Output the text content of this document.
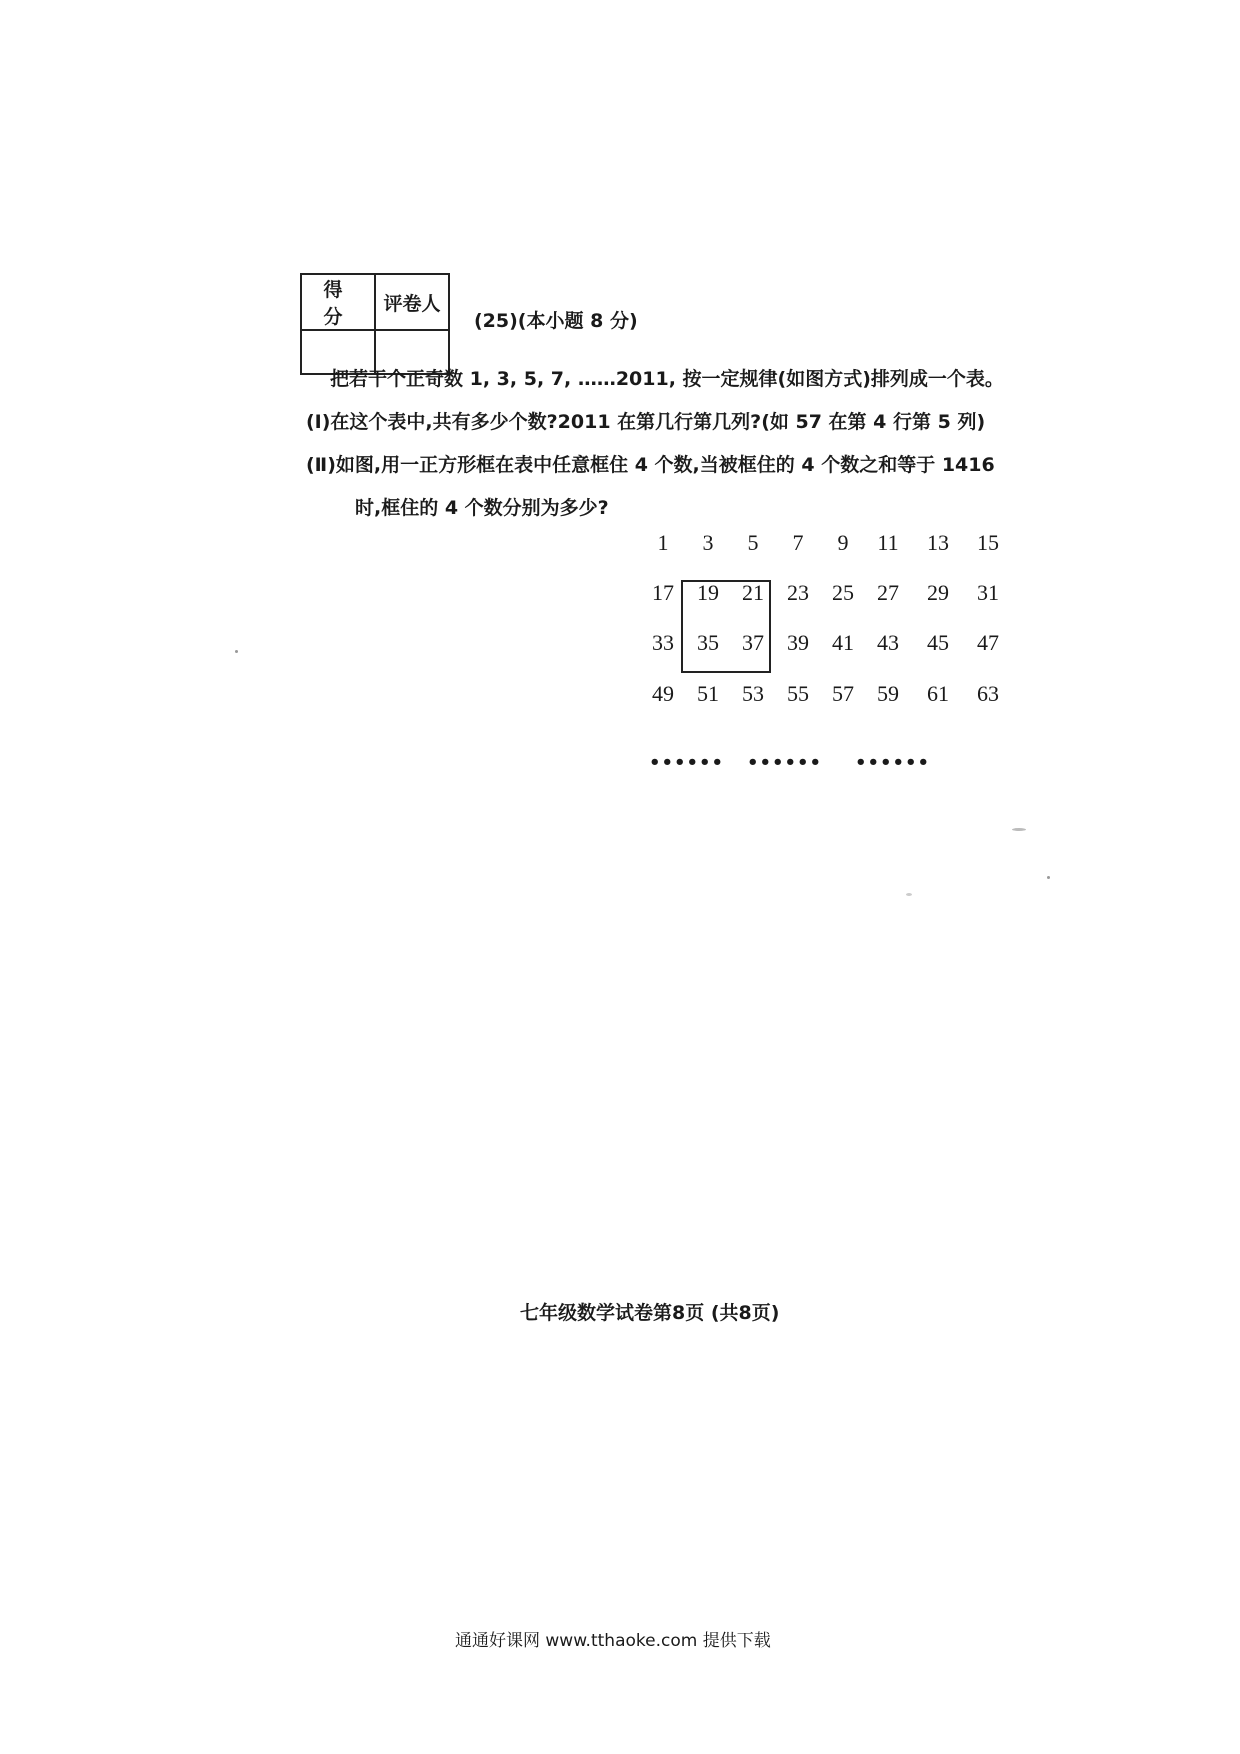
得 分	评卷人

(25)(本小题 8 分)
把若干个正奇数 1, 3, 5, 7, ……2011, 按一定规律(如图方式)排列成一个表。
(Ⅰ)在这个表中,共有多少个数?2011 在第几行第几列?(如 57 在第 4 行第 5 列)
(Ⅱ)如图,用一正方形框在表中任意框住 4 个数,当被框住的 4 个数之和等于 1416
时,框住的 4 个数分别为多少?
1	3	5	7	9	11	13	15
17	19	21	23	25	27	29	31
33	35	37	39	41	43	45	47
49	51	53	55	57	59	61	63
•••••• •••••• ••••••
七年级数学试卷第8页 (共8页)
通通好课网 www.tthaoke.com 提供下载
